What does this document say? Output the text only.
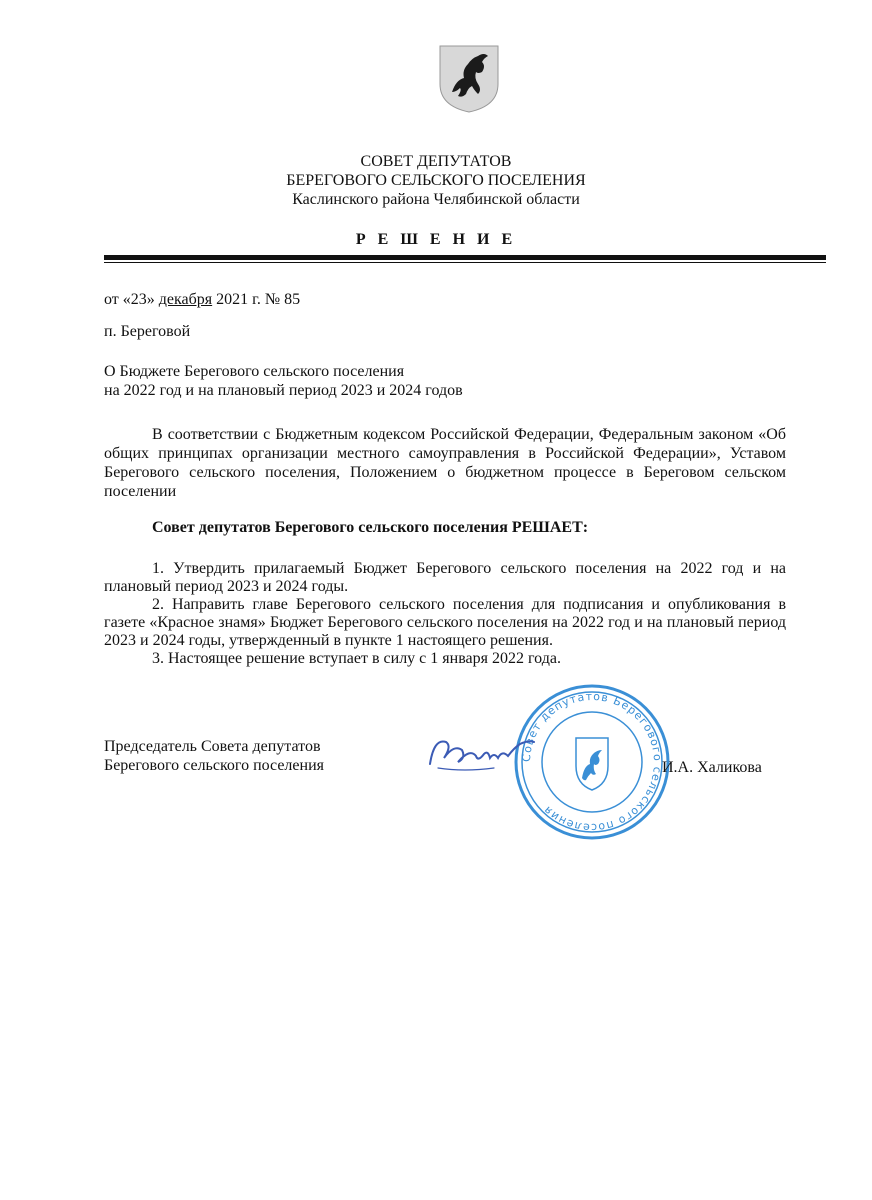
СОВЕТ ДЕПУТАТОВ
БЕРЕГОВОГО СЕЛЬСКОГО ПОСЕЛЕНИЯ
Каслинского района Челябинской области
Р Е Ш Е Н И Е
от «23» декабря 2021 г. № 85
п. Береговой
О Бюджете Берегового сельского поселения
на 2022 год и на плановый период 2023 и 2024 годов

В соответствии с Бюджетным кодексом Российской Федерации, Федеральным законом «Об общих принципах организации местного самоуправления в Российской Федерации», Уставом Берегового сельского поселения, Положением о бюджетном процессе в Береговом сельском поселении

Совет депутатов Берегового сельского поселения РЕШАЕТ:

1. Утвердить прилагаемый Бюджет Берегового сельского поселения на 2022 год и на плановый период 2023 и 2024 годы.

2. Направить главе Берегового сельского поселения для подписания и опубликования в газете «Красное знамя» Бюджет Берегового сельского поселения на 2022 год и на плановый период 2023 и 2024 годы, утвержденный в пункте 1 настоящего решения.

3. Настоящее решение вступает в силу с 1 января 2022 года.

Председатель Совета депутатов
Берегового сельского поселения	Совет депутатов Берегового сельского поселения
И.А. Халикова
